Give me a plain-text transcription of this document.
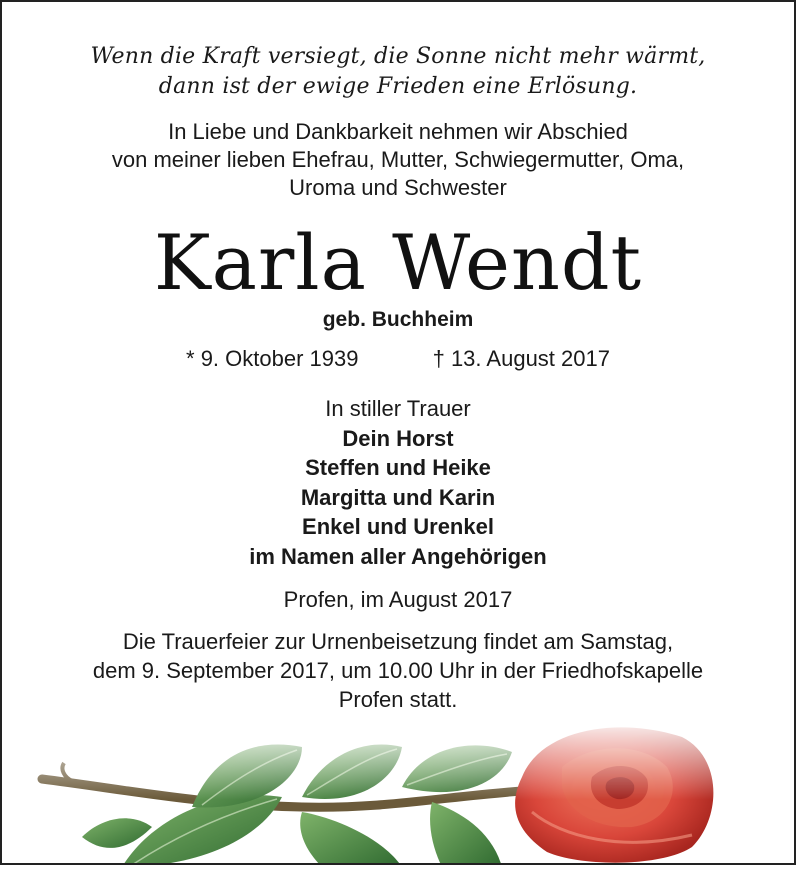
Wenn die Kraft versiegt, die Sonne nicht mehr wärmt,
dann ist der ewige Frieden eine Erlösung.
In Liebe und Dankbarkeit nehmen wir Abschied
von meiner lieben Ehefrau, Mutter, Schwiegermutter, Oma,
Uroma und Schwester
Karla Wendt
geb. Buchheim
* 9. Oktober 1939	† 13. August 2017
In stiller Trauer
Dein Horst
Steffen und Heike
Margitta und Karin
Enkel und Urenkel
im Namen aller Angehörigen
Profen, im August 2017
Die Trauerfeier zur Urnenbeisetzung findet am Samstag,
dem 9. September 2017, um 10.00 Uhr in der Friedhofskapelle
Profen statt.
